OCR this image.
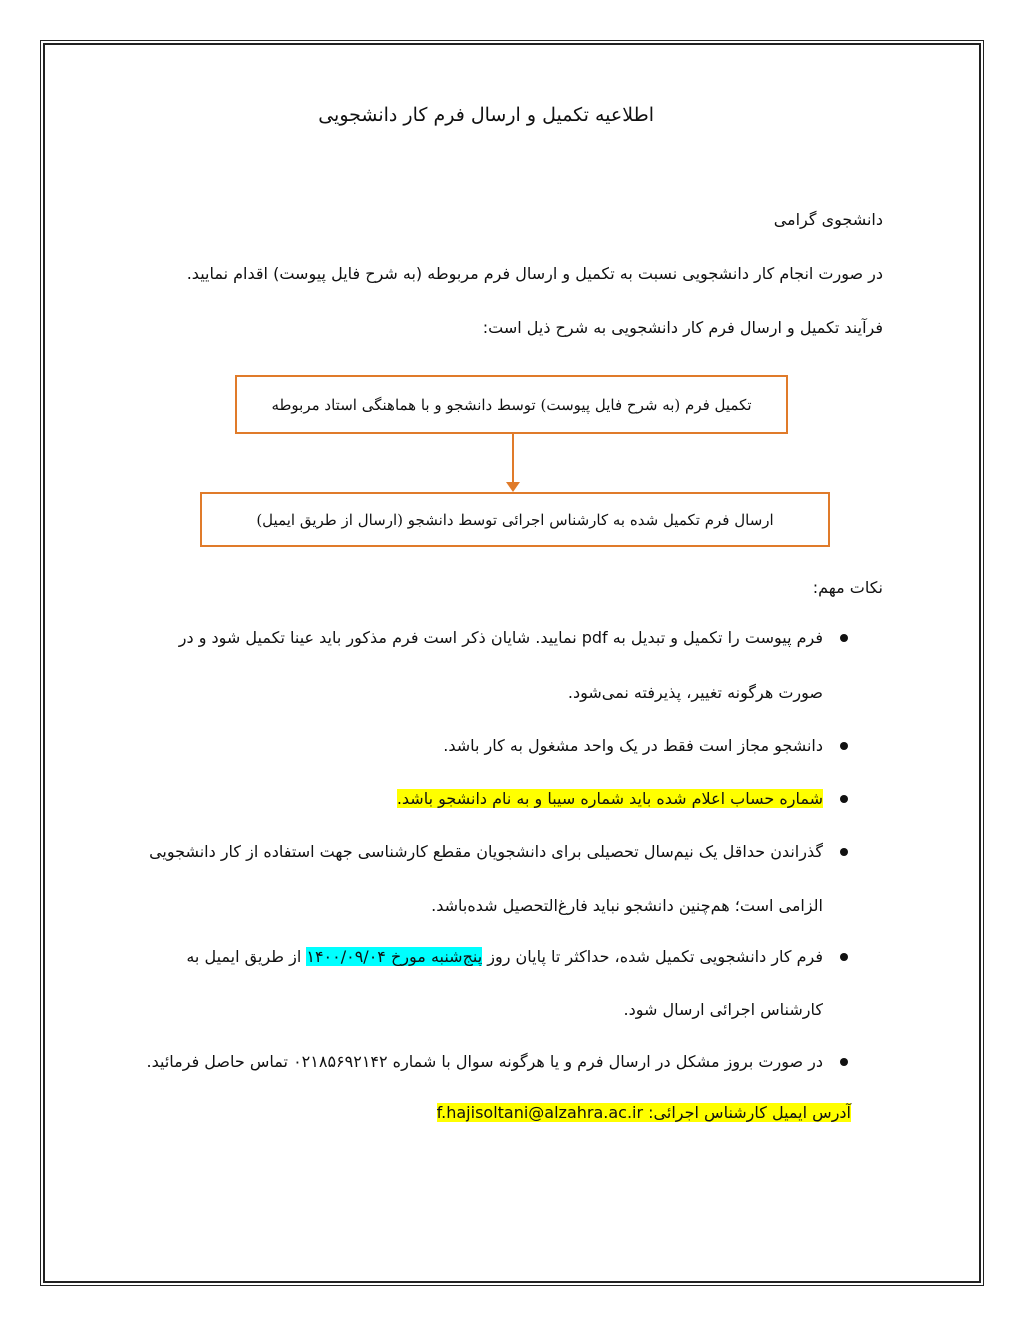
اطلاعیه تکمیل و ارسال فرم کار دانشجویی
دانشجوی گرامی
در صورت انجام کار دانشجویی نسبت به تکمیل و ارسال فرم مربوطه (به شرح فایل پیوست) اقدام نمایید.
فرآیند تکمیل و ارسال فرم کار دانشجویی به شرح ذیل است:
تکمیل فرم (به شرح فایل پیوست) توسط دانشجو و با هماهنگی استاد مربوطه
ارسال فرم تکمیل شده به کارشناس اجرائی توسط دانشجو (ارسال از طریق ایمیل)
نکات مهم:
فرم پیوست را تکمیل و تبدیل به pdf نمایید. شایان ذکر است فرم مذکور باید عینا تکمیل شود و در
صورت هرگونه تغییر، پذیرفته نمی‌شود.
دانشجو مجاز است فقط در یک واحد مشغول به کار باشد.
شماره حساب اعلام شده باید شماره سیبا و به نام دانشجو باشد.
گذراندن حداقل یک نیم‌سال تحصیلی برای دانشجویان مقطع کارشناسی جهت استفاده از کار دانشجویی
الزامی است؛ هم‌چنین دانشجو نباید فارغ‌التحصیل شده‌باشد.
فرم کار دانشجویی تکمیل شده، حداکثر تا پایان روز پنج‌شنبه مورخ ۱۴۰۰/۰۹/۰۴ از طریق ایمیل به
کارشناس اجرائی ارسال شود.
در صورت بروز مشکل در ارسال فرم و یا هرگونه سوال با شماره ۰۲۱۸۵۶۹۲۱۴۲ تماس حاصل فرمائید.
آدرس ایمیل کارشناس اجرائی: f.hajisoltani@alzahra.ac.ir
